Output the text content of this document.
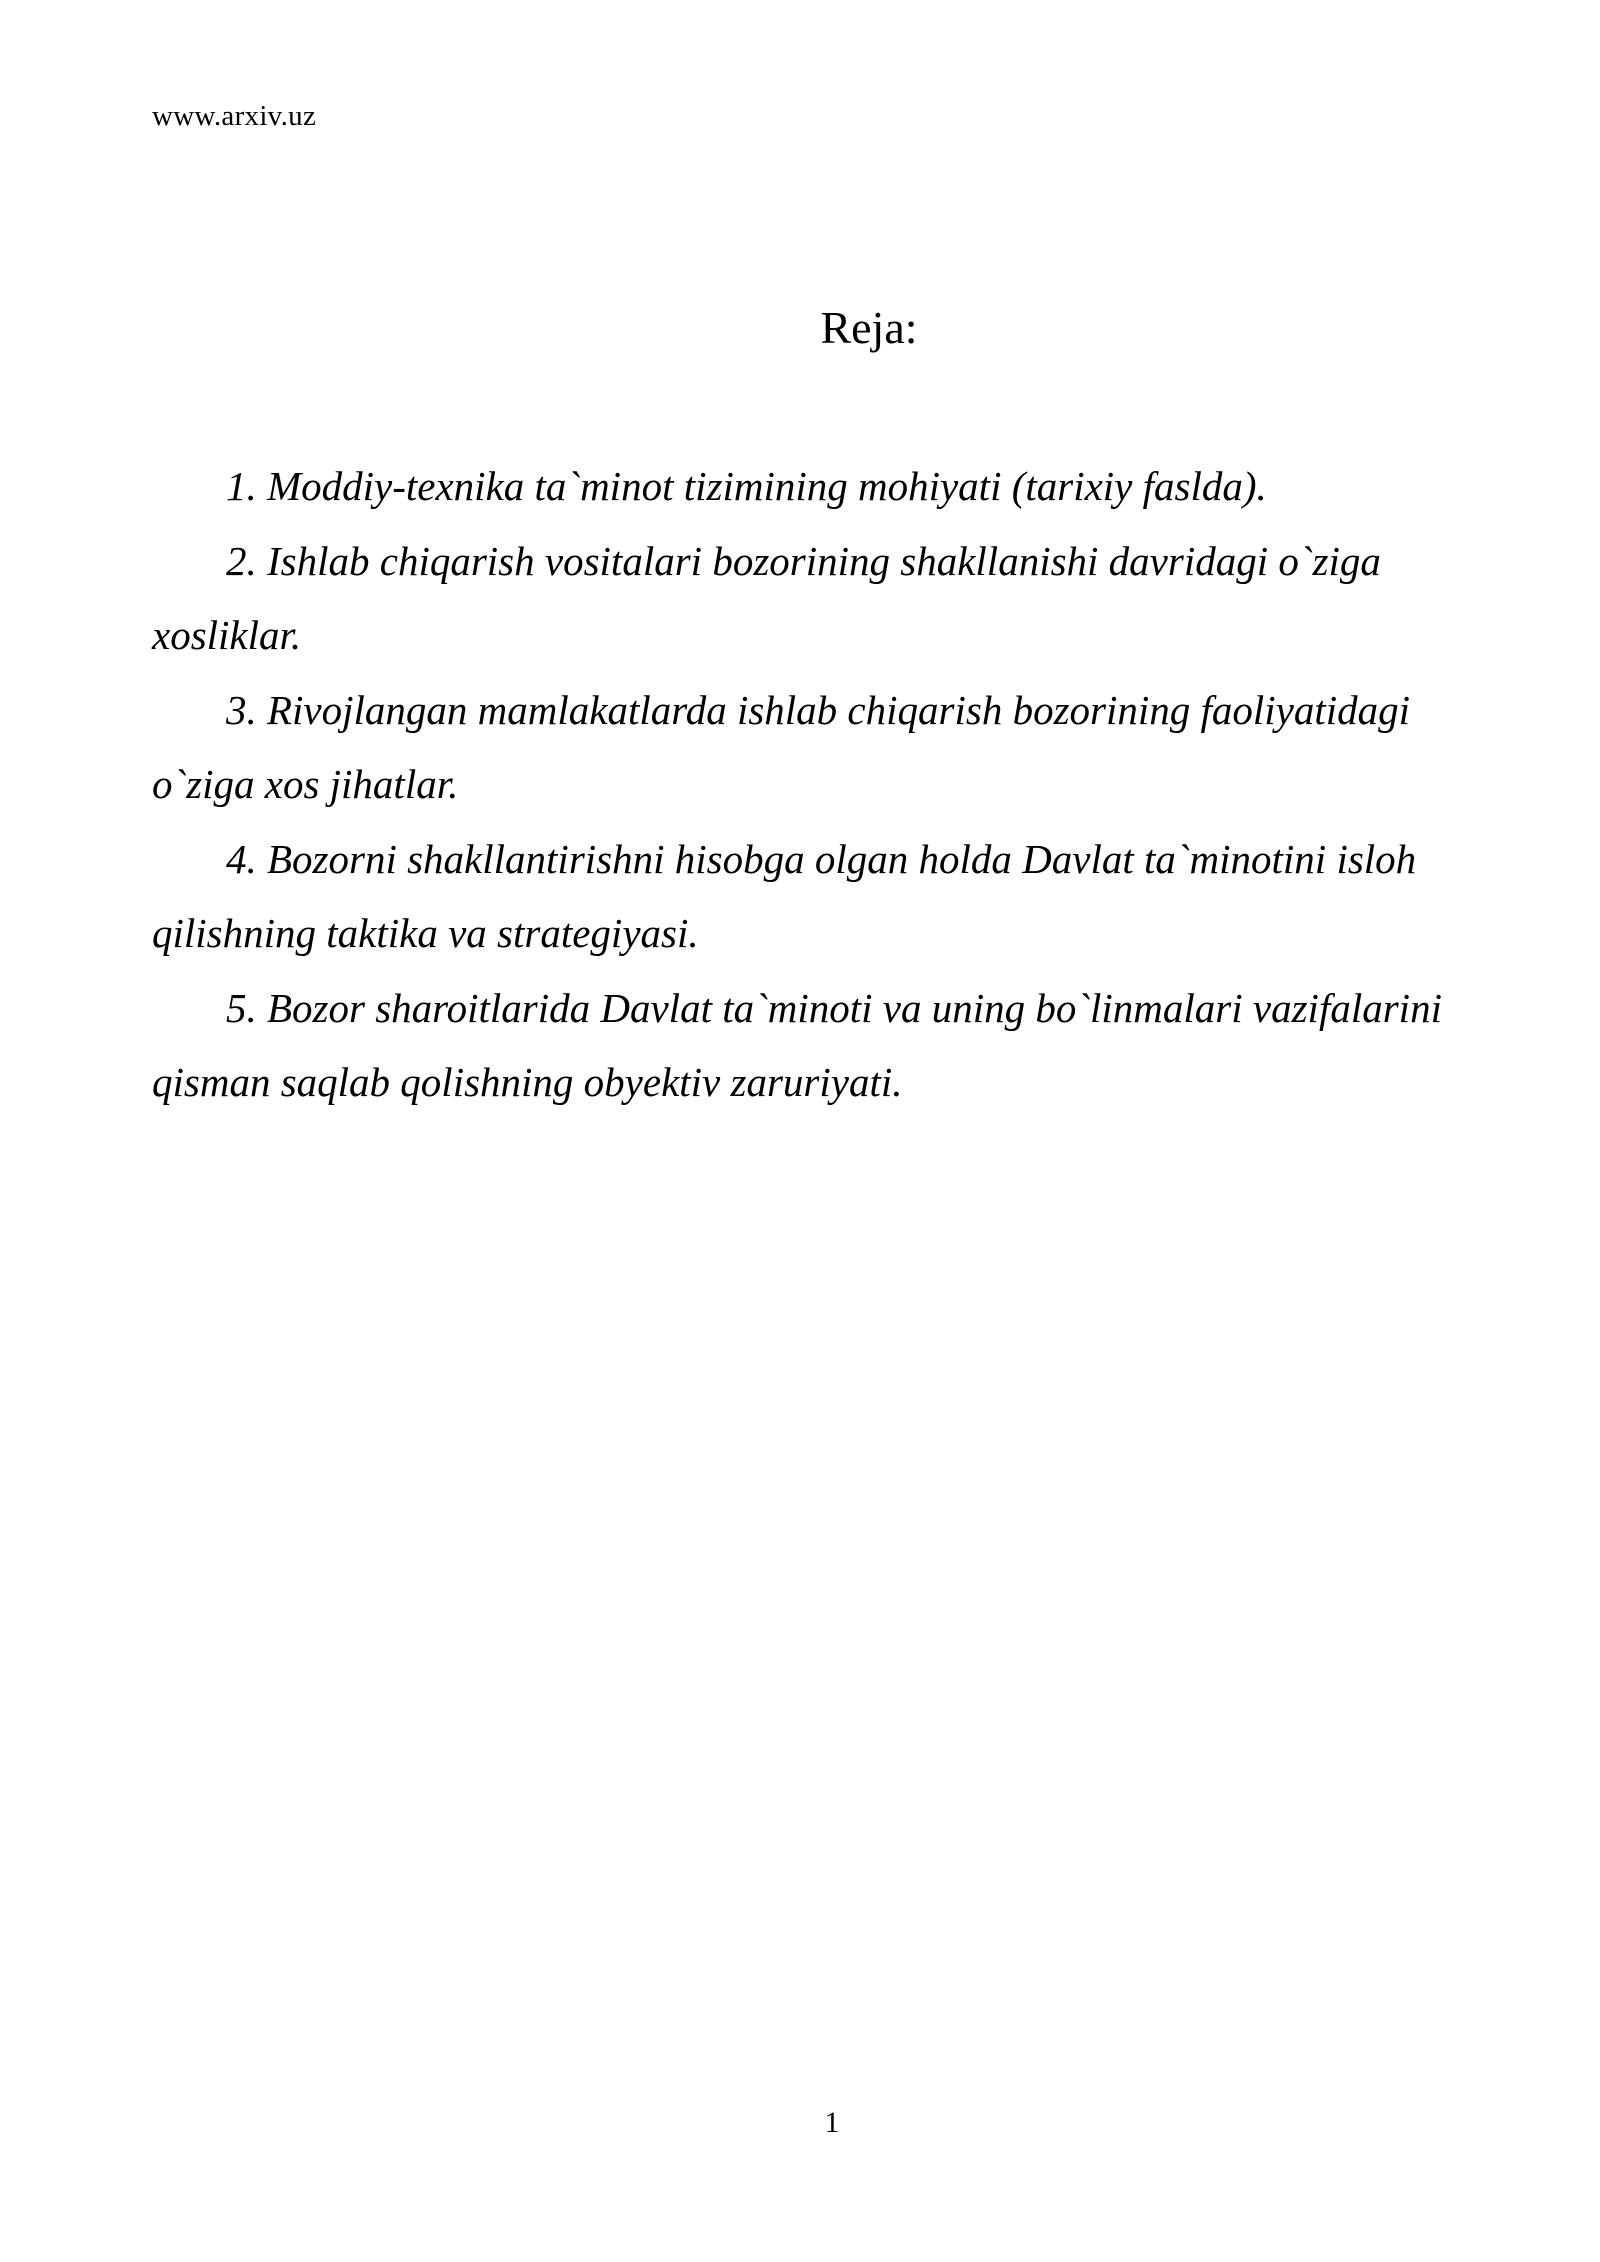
www.arxiv.uz
Reja:
1. Moddiy-texnika ta`minot tizimining mohiyati (tarixiy faslda).
2. Ishlab chiqarish vositalari bozorining shakllanishi davridagi o`ziga
xosliklar.
3. Rivojlangan mamlakatlarda ishlab chiqarish bozorining faoliyatidagi
o`ziga xos jihatlar.
4. Bozorni shakllantirishni hisobga olgan holda Davlat ta`minotini isloh
qilishning taktika va strategiyasi.
5. Bozor sharoitlarida Davlat ta`minoti va uning bo`linmalari vazifalarini
qisman saqlab qolishning obyektiv zaruriyati.
1
